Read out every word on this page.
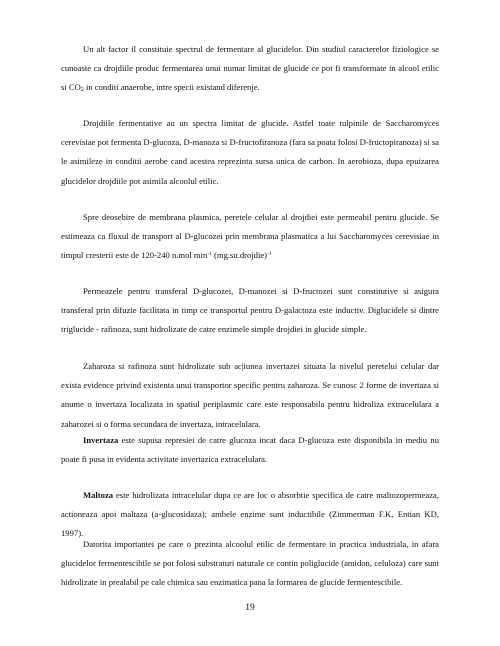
Un alt factor il constituie spectrul de fermentare al glucidelor. Din studiul caracterelor fiziologice se cunoaste ca drojdiile produc fermentarea unui numar limitat de glucide ce pot fi transformate in alcool etilic si $CO_2$ in conditi anaerobe, intre specii existand diferenje.

Drojdiile fermentative au un spectra limitat de glucide. Astfel toate tulpinile de Saccharomyces cerevisiae pot fermenta D-glucoza, D-manoza si D-fructofiranoza (fara sa poata folosi D-fructopiranoza) si sa le asimileze in conditii aerobe cand acestea reprezinta sursa unica de carbon. In aerobioza, dupa epuizarea glucidelor drojdiile pot asimila alcoolul etilic.

Spre deosebire de membrana plasmica, peretele celular al drojdiei este permeabil pentru glucide. Se estimeaza ca fluxul de transport al D-glucozei prin membrana plasmatica a lui Saccharomyces cerevisiae in timpul cresterii este de 120-240 n.mol $\min^{-1}$ (mg.su.drojdie)$^{-1}$

Permeazele pentru transferal D-glucozei, D-manozei si D-fructozei sunt constitutive si asigura transferal prin difuzie facilitata in timp ce transportul pentru D-galactoza este inductiv. Diglucidele si dintre triglucide - rafinoza, sunt hidrolizate de catre enzimele simple drojdiei in glucide simple.

Zaharoza si rafinoza sunt hidrolizate sub ac|iunea invertazei situata la nivelul peretelui celular dar exista evidence privind existenta unui transportor specific pentru zaharoza. Se cunosc 2 forme de invertaza si anume o invertaza localizata in spatiul periplasmic care este responsabila pentru hidroliza extracelulara a zaharozei si o forma secundara de invertaza, intracelulara.

Invertaza este supusa represiei de catre glucoza incat daca D-glucoza este disponibila in mediu nu poate fi pusa in evidenta activitate invertazica extracelulara.

Maltoza este hidrolizata intracelular dupa ce are loc o absorbtie specifica de catre maltozopermeaza, actioneaza apoi maltaza (a-glucosidaza); ambele enzime sunt inductibile (Zimmerman F.K, Entian KD, 1997).

Datorita importantei pe care o prezinta alcoolul etilic de fermentare in practica industriala, in afara glucidelor fermentescibile se pot folosi substraturi naturale ce contin poliglucide (amidon, celuloza) care sunt hidrolizate in prealabil pe cale chimica sau enzimatica pana la formarea de glucide fermentescibile.

19
